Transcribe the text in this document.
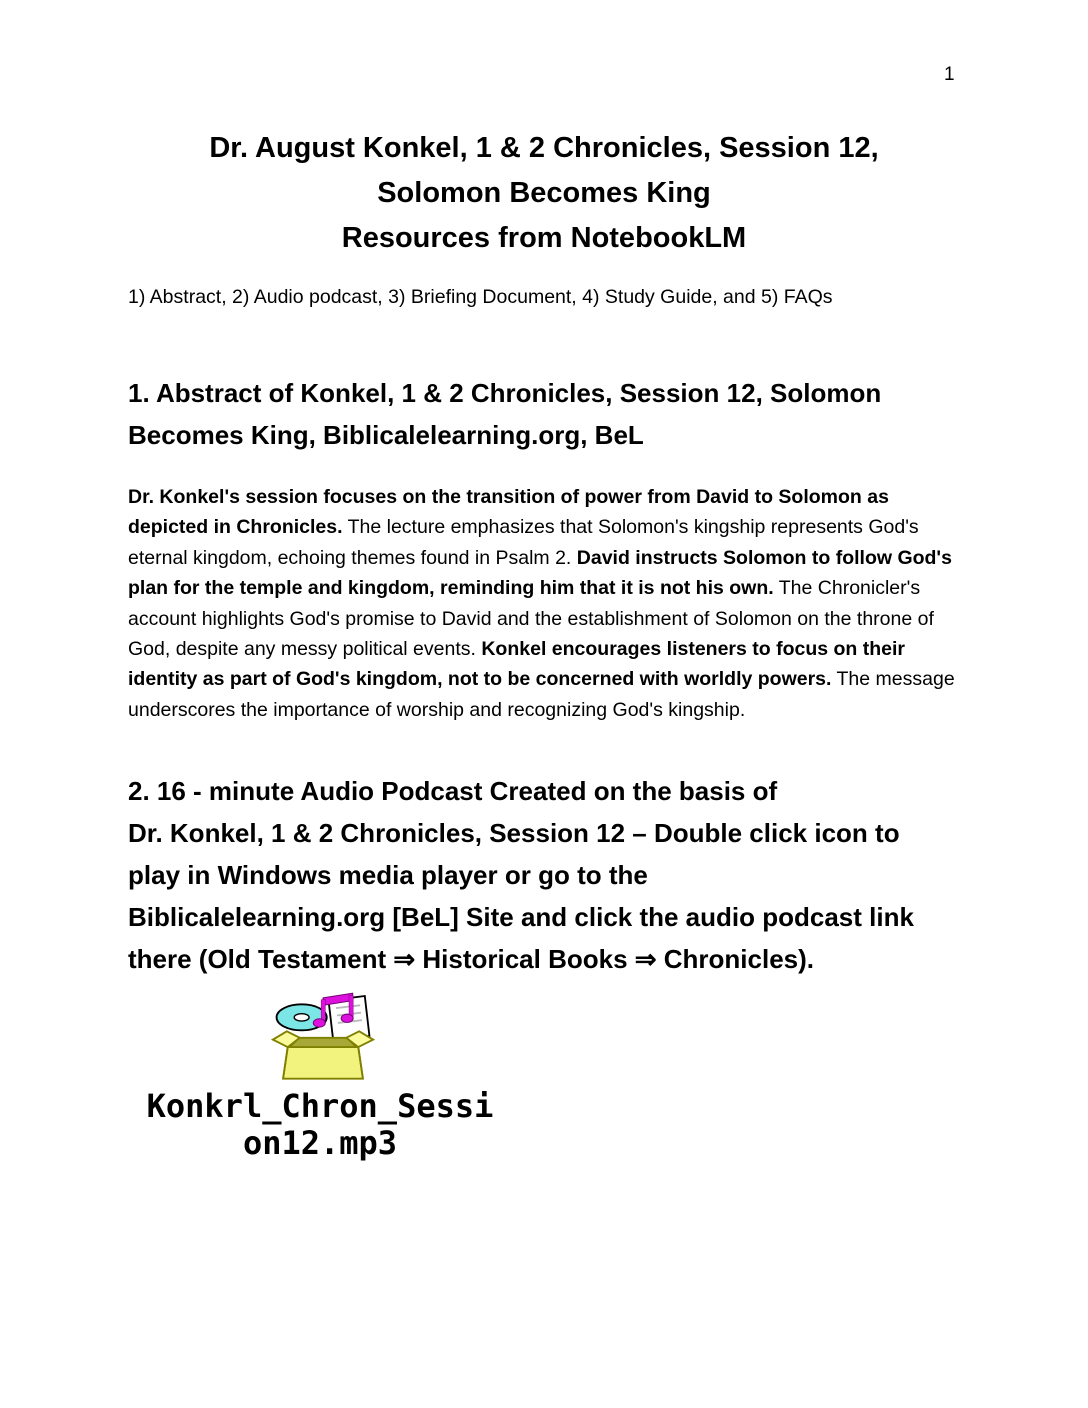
1
Dr. August Konkel, 1 & 2 Chronicles, Session 12,
Solomon Becomes King
Resources from NotebookLM
1) Abstract, 2) Audio podcast, 3) Briefing Document, 4) Study Guide, and 5) FAQs
1. Abstract of Konkel, 1 & 2 Chronicles, Session 12, Solomon
Becomes King, Biblicalelearning.org, BeL
Dr. Konkel's session focuses on the transition of power from David to Solomon as depicted in Chronicles. The lecture emphasizes that Solomon's kingship represents God's eternal kingdom, echoing themes found in Psalm 2. David instructs Solomon to follow God's plan for the temple and kingdom, reminding him that it is not his own. The Chronicler's account highlights God's promise to David and the establishment of Solomon on the throne of God, despite any messy political events. Konkel encourages listeners to focus on their identity as part of God's kingdom, not to be concerned with worldly powers. The message underscores the importance of worship and recognizing God's kingship.
2. 16 - minute Audio Podcast Created on the basis of
Dr. Konkel, 1 & 2 Chronicles, Session 12 – Double click icon to
play in Windows media player or go to the
Biblicalelearning.org [BeL] Site and click the audio podcast link
there (Old Testament ⇒ Historical Books ⇒ Chronicles).
Konkrl_Chron_Sessi
on12.mp3
